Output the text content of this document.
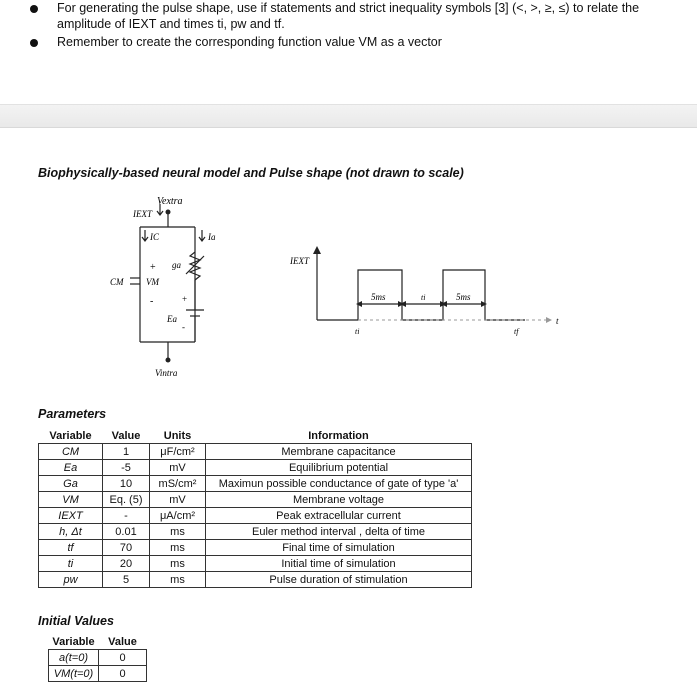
For generating the pulse shape, use if statements and strict inequality symbols [3] (<, >, ≥, ≤) to relate the
amplitude of IEXT and times ti, pw and tf.
Remember to create the corresponding function value VM as a vector
Biophysically-based neural model and Pulse shape (not drawn to scale)
Vextra
IEXT
IC	Ia
+ ga
CM	VM
-	+
Ea
-
Vintra
IEXT
5ms	ti	5ms
ti	tf
t
Parameters
Variable	Value	Units	Information
CM	1	μF/cm²	Membrane capacitance
Ea	-5	mV	Equilibrium potential
Ga	10	mS/cm²	Maximun possible conductance of gate of type 'a'
VM	Eq. (5)	mV	Membrane voltage
IEXT	-	μA/cm²	Peak extracellular current
h, Δt	0.01	ms	Euler method interval , delta of time
tf	70	ms	Final time of simulation
ti	20	ms	Initial time of simulation
pw	5	ms	Pulse duration of stimulation
Initial Values
Variable	Value
a(t=0)	0
VM(t=0)	0
